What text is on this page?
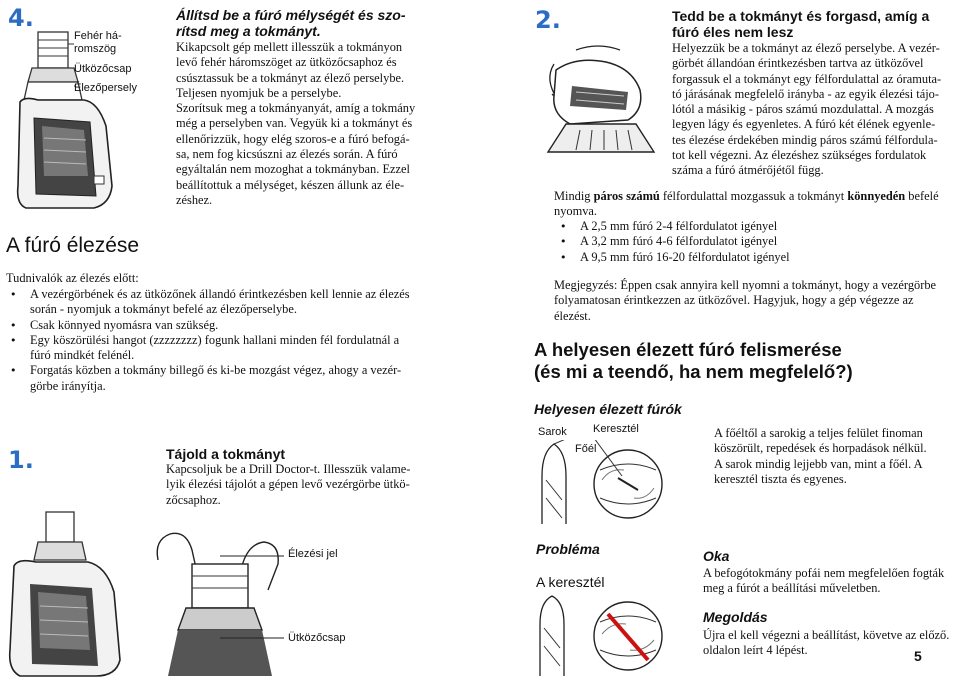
4.
Fehér há-
romszög
Ütközőcsap
Élezőpersely
Állítsd be a fúró mélységét és szo-
rítsd meg a tokmányt.

Kikapcsolt gép mellett illesszük a tokmányon

levő fehér háromszöget az ütközőcsaphoz és

csúsztassuk be a tokmányt az élező perselybe.

Teljesen nyomjuk be a perselybe.

Szorítsuk meg a tokmányanyát, amíg a tokmány

még a perselyben van. Vegyük ki a tokmányt és

ellenőrizzük, hogy elég szoros-e a fúró befogá-

sa, nem fog kicsúszni az élezés során. A fúró

egyáltalán nem mozoghat a tokmányban. Ezzel

beállítottuk a mélységet, készen állunk az éle-

zéshez.

A fúró élezése
Tudnivalók az élezés előtt:
• A vezérgörbének és az ütközőnek állandó érintkezésben kell lennie az élezés
során - nyomjuk a tokmányt befelé az élezőperselybe.
• Csak könnyed nyomásra van szükség.
• Egy köszörülési hangot (zzzzzzzz) fogunk hallani minden fél fordulatnál a
fúró mindkét felénél.
• Forgatás közben a tokmány billegő és ki-be mozgást végez, ahogy a vezér-
görbe irányítja.
1.	Tájold a tokmányt

Kapcsoljuk be a Drill Doctor-t. Illesszük valame-

lyik élezési tájolót a gépen levő vezérgörbe ütkö-

zőcsaphoz.

Élezési jel
Ütközőcsap
2.	Tedd be a tokmányt és forgasd, amíg a
fúró éles nem lesz

Helyezzük be a tokmányt az élező perselybe. A vezér-

görbét állandóan érintkezésben tartva az ütközővel

forgassuk el a tokmányt egy félfordulattal az óramuta-

tó járásának megfelelő irányba - az egyik élezési tájo-

lótól a másikig - páros számú mozdulattal. A mozgás

legyen lágy és egyenletes. A fúró két élének egyenle-

tes élezése érdekében mindig páros számú félfordula-

tot kell végezni. Az élezéshez szükséges fordulatok

száma a fúró átmérőjétől függ.

Mindig páros számú félfordulattal mozgassuk a tokmányt könnyedén befelé
nyomva.
• A 2,5 mm fúró 2-4 félfordulatot igényel
• A 3,2 mm fúró 4-6 félfordulatot igényel
• A 9,5 mm fúró 16-20 félfordulatot igényel

Megjegyzés: Éppen csak annyira kell nyomni a tokmányt, hogy a vezérgörbe

folyamatosan érintkezzen az ütközővel. Hagyjuk, hogy a gép végezze az

élezést.

A helyesen élezett fúró felismerése
(és mi a teendő, ha nem megfelelő?)
Helyesen élezett fúrók
Sarok Keresztél
Főél

A főéltől a sarokig a teljes felület finoman

köszörült, repedések és horpadások nélkül.

A sarok mindig lejjebb van, mint a főél. A

keresztél tiszta és egyenes.

Probléma
A keresztél
Oka

A befogótokmány pofái nem megfelelően fogták

meg a fúrót a beállítási műveletben.

Megoldás

Újra el kell végezni a beállítást, követve az előző.

oldalon leírt 4 lépést.	5
